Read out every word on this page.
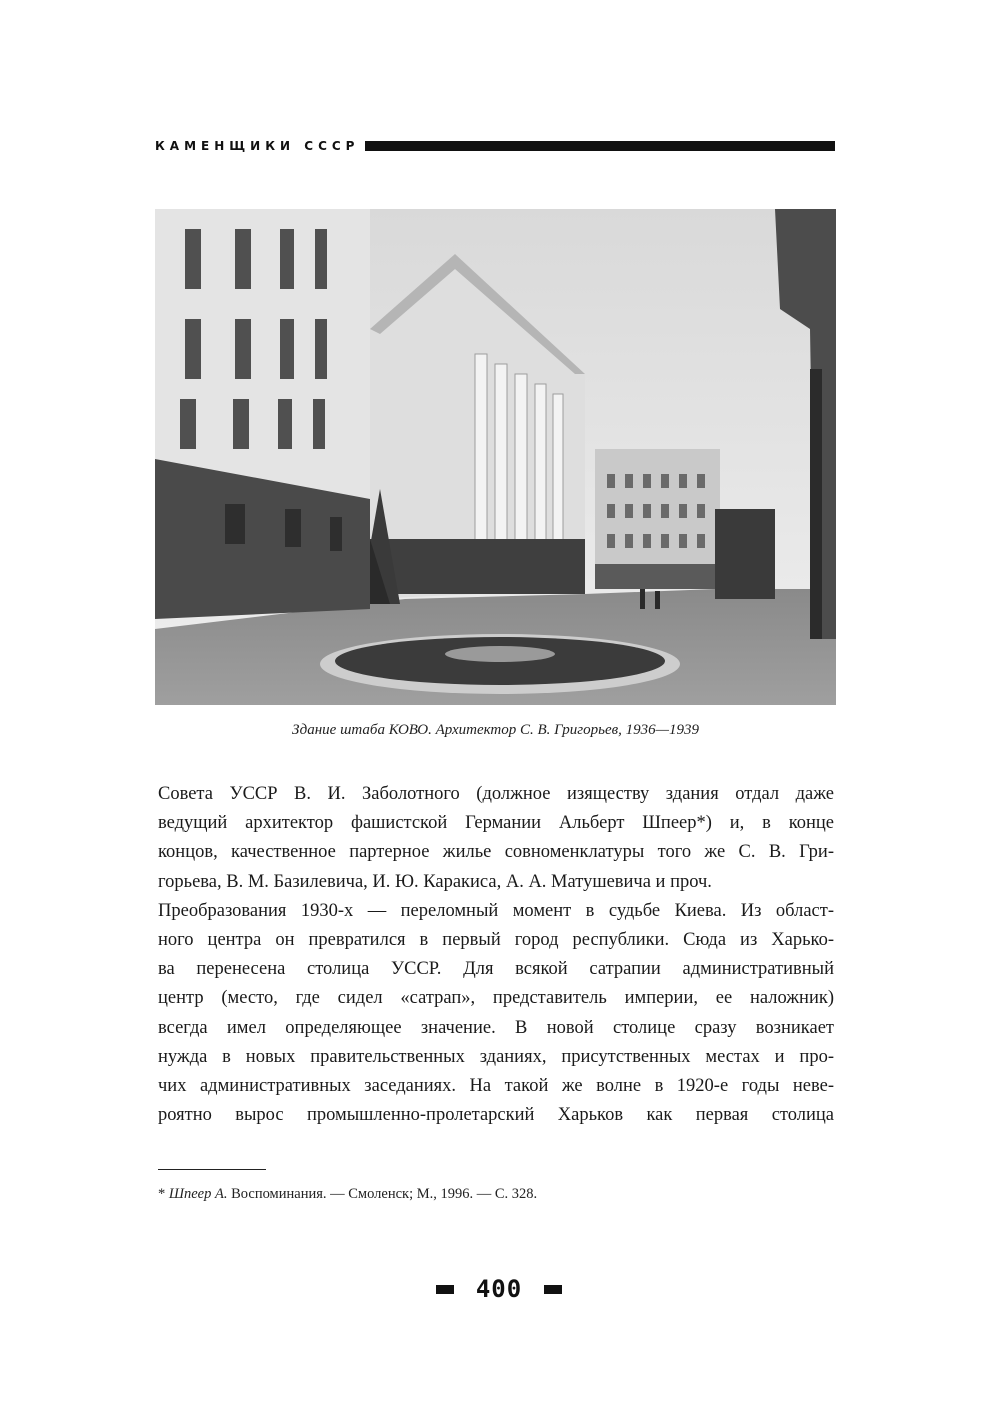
КАМЕНЩИКИ СССР
Здание штаба КОВО. Архитектор С. В. Григорьев, 1936—1939
Совета УССР В. И. Заболотного (должное изяществу здания отдал даже
ведущий архитектор фашистской Германии Альберт Шпеер*) и, в конце
концов, качественное партерное жилье совноменклатуры того же С. В. Гри-
горьева, В. М. Базилевича, И. Ю. Каракиса, А. А. Матушевича и проч.
Преобразования 1930-х — переломный момент в судьбе Киева. Из област-
ного центра он превратился в первый город республики. Сюда из Харько-
ва перенесена столица УССР. Для всякой сатрапии административный
центр (место, где сидел «сатрап», представитель империи, ее наложник)
всегда имел определяющее значение. В новой столице сразу возникает
нужда в новых правительственных зданиях, присутственных местах и про-
чих административных заседаниях. На такой же волне в 1920-е годы неве-
роятно вырос промышленно-пролетарский Харьков как первая столица
* Шпеер А. Воспоминания. — Смоленск; М., 1996. — С. 328.
400
